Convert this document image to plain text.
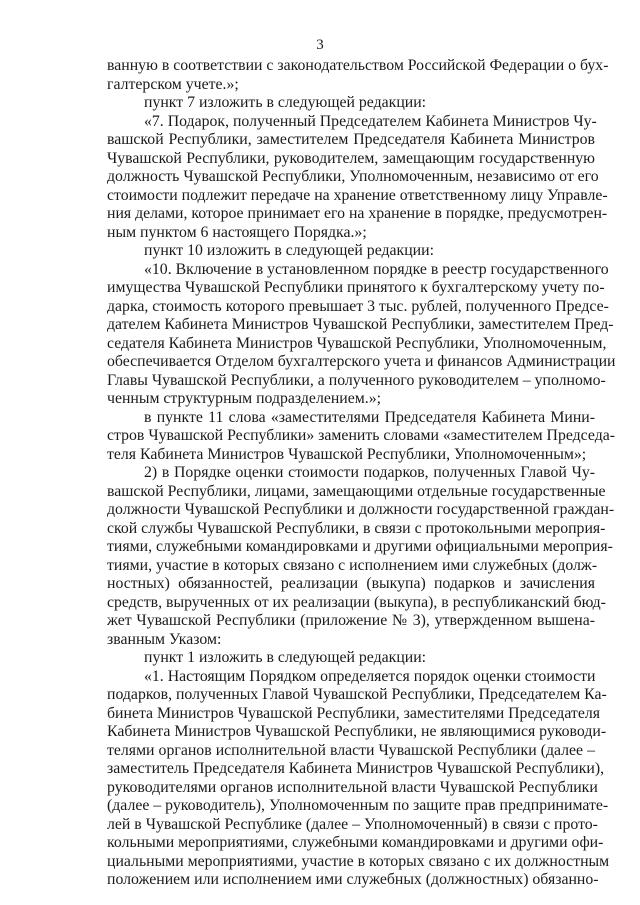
3
ванную в соответствии с законодательством Российской Федерации о бух-
галтерском учете.»;
пункт 7 изложить в следующей редакции:
«7. Подарок, полученный Председателем Кабинета Министров Чу-
вашской Республики, заместителем Председателя Кабинета Министров
Чувашской Республики, руководителем, замещающим государственную
должность Чувашской Республики, Уполномоченным, независимо от его
стоимости подлежит передаче на хранение ответственному лицу Управле-
ния делами, которое принимает его на хранение в порядке, предусмотрен-
ным пунктом 6 настоящего Порядка.»;
пункт 10 изложить в следующей редакции:
«10. Включение в установленном порядке в реестр государственного
имущества Чувашской Республики принятого к бухгалтерскому учету по-
дарка, стоимость которого превышает 3 тыс. рублей, полученного Предсе-
дателем Кабинета Министров Чувашской Республики, заместителем Пред-
седателя Кабинета Министров Чувашской Республики, Уполномоченным,
обеспечивается Отделом бухгалтерского учета и финансов Администрации
Главы Чувашской Республики, а полученного руководителем – уполномо-
ченным структурным подразделением.»;
в пункте 11 слова «заместителями Председателя Кабинета Мини-
стров Чувашской Республики» заменить словами «заместителем Председа-
теля Кабинета Министров Чувашской Республики, Уполномоченным»;
2) в Порядке оценки стоимости подарков, полученных Главой Чу-
вашской Республики, лицами, замещающими отдельные государственные
должности Чувашской Республики и должности государственной граждан-
ской службы Чувашской Республики, в связи с протокольными мероприя-
тиями, служебными командировками и другими официальными мероприя-
тиями, участие в которых связано с исполнением ими служебных (долж-
ностных) обязанностей, реализации (выкупа) подарков и зачисления
средств, вырученных от их реализации (выкупа), в республиканский бюд-
жет Чувашской Республики (приложение № 3), утвержденном вышена-
званным Указом:
пункт 1 изложить в следующей редакции:
«1. Настоящим Порядком определяется порядок оценки стоимости
подарков, полученных Главой Чувашской Республики, Председателем Ка-
бинета Министров Чувашской Республики, заместителями Председателя
Кабинета Министров Чувашской Республики, не являющимися руководи-
телями органов исполнительной власти Чувашской Республики (далее –
заместитель Председателя Кабинета Министров Чувашской Республики),
руководителями органов исполнительной власти Чувашской Республики
(далее – руководитель), Уполномоченным по защите прав предпринимате-
лей в Чувашской Республике (далее – Уполномоченный) в связи с прото-
кольными мероприятиями, служебными командировками и другими офи-
циальными мероприятиями, участие в которых связано с их должностным
положением или исполнением ими служебных (должностных) обязанно-
